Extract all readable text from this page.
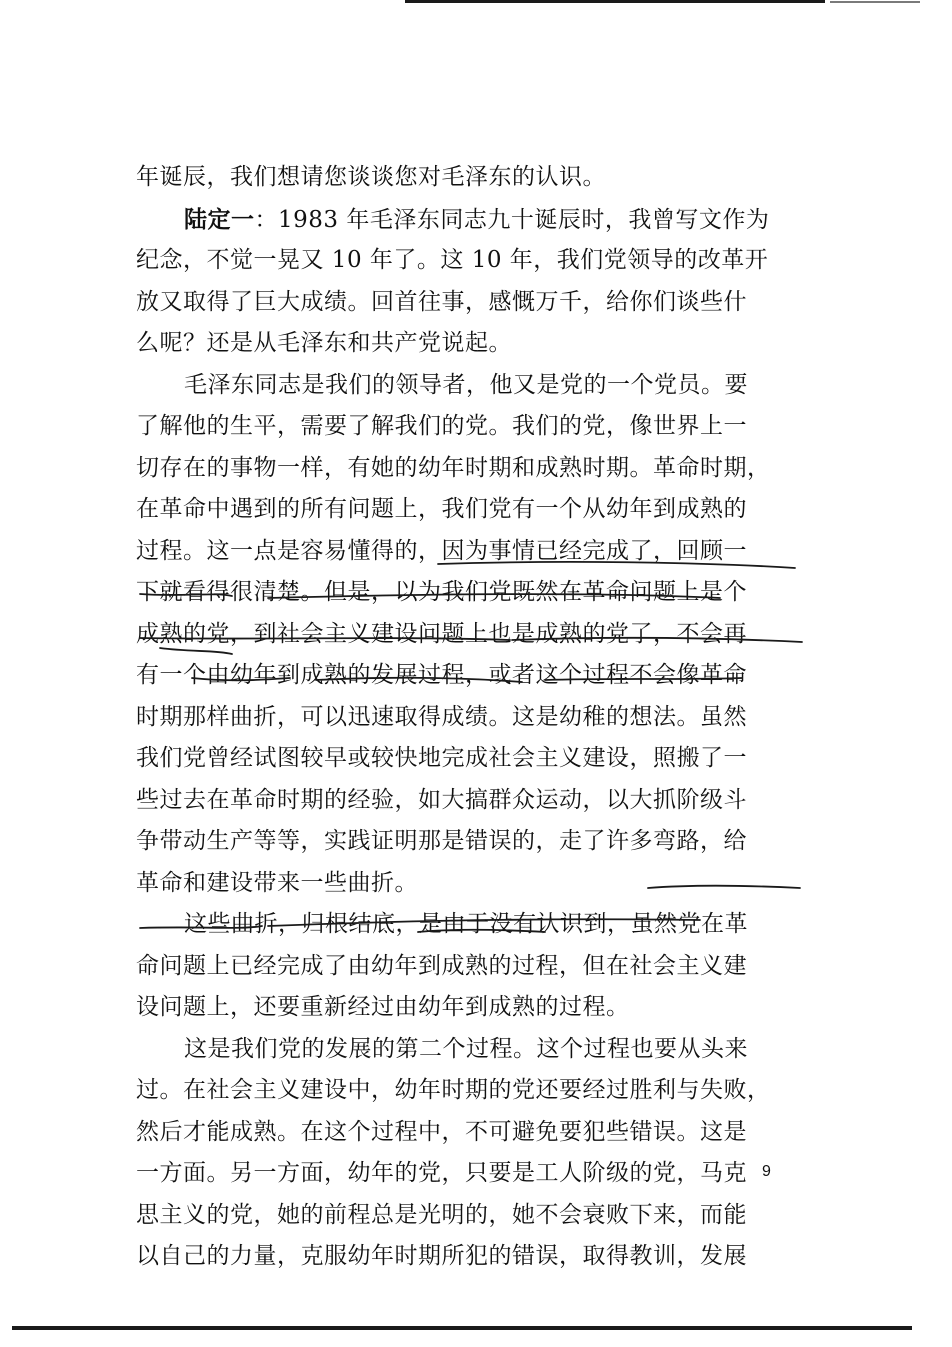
年诞辰，我们想请您谈谈您对毛泽东的认识。
陆定一：1983 年毛泽东同志九十诞辰时，我曾写文作为
纪念，不觉一晃又 10 年了。这 10 年，我们党领导的改革开
放又取得了巨大成绩。回首往事，感慨万千，给你们谈些什
么呢？还是从毛泽东和共产党说起。
毛泽东同志是我们的领导者，他又是党的一个党员。要
了解他的生平，需要了解我们的党。我们的党，像世界上一
切存在的事物一样，有她的幼年时期和成熟时期。革命时期，
在革命中遇到的所有问题上，我们党有一个从幼年到成熟的
过程。这一点是容易懂得的，因为事情已经完成了，回顾一
下就看得很清楚。但是，以为我们党既然在革命问题上是个
成熟的党，到社会主义建设问题上也是成熟的党了，不会再
有一个由幼年到成熟的发展过程，或者这个过程不会像革命
时期那样曲折，可以迅速取得成绩。这是幼稚的想法。虽然
我们党曾经试图较早或较快地完成社会主义建设，照搬了一
些过去在革命时期的经验，如大搞群众运动，以大抓阶级斗
争带动生产等等，实践证明那是错误的，走了许多弯路，给
革命和建设带来一些曲折。
这些曲折，归根结底，是由于没有认识到，虽然党在革
命问题上已经完成了由幼年到成熟的过程，但在社会主义建
设问题上，还要重新经过由幼年到成熟的过程。
这是我们党的发展的第二个过程。这个过程也要从头来
过。在社会主义建设中，幼年时期的党还要经过胜利与失败，
然后才能成熟。在这个过程中，不可避免要犯些错误。这是
一方面。另一方面，幼年的党，只要是工人阶级的党，马克
思主义的党，她的前程总是光明的，她不会衰败下来，而能
以自己的力量，克服幼年时期所犯的错误，取得教训，发展
9
